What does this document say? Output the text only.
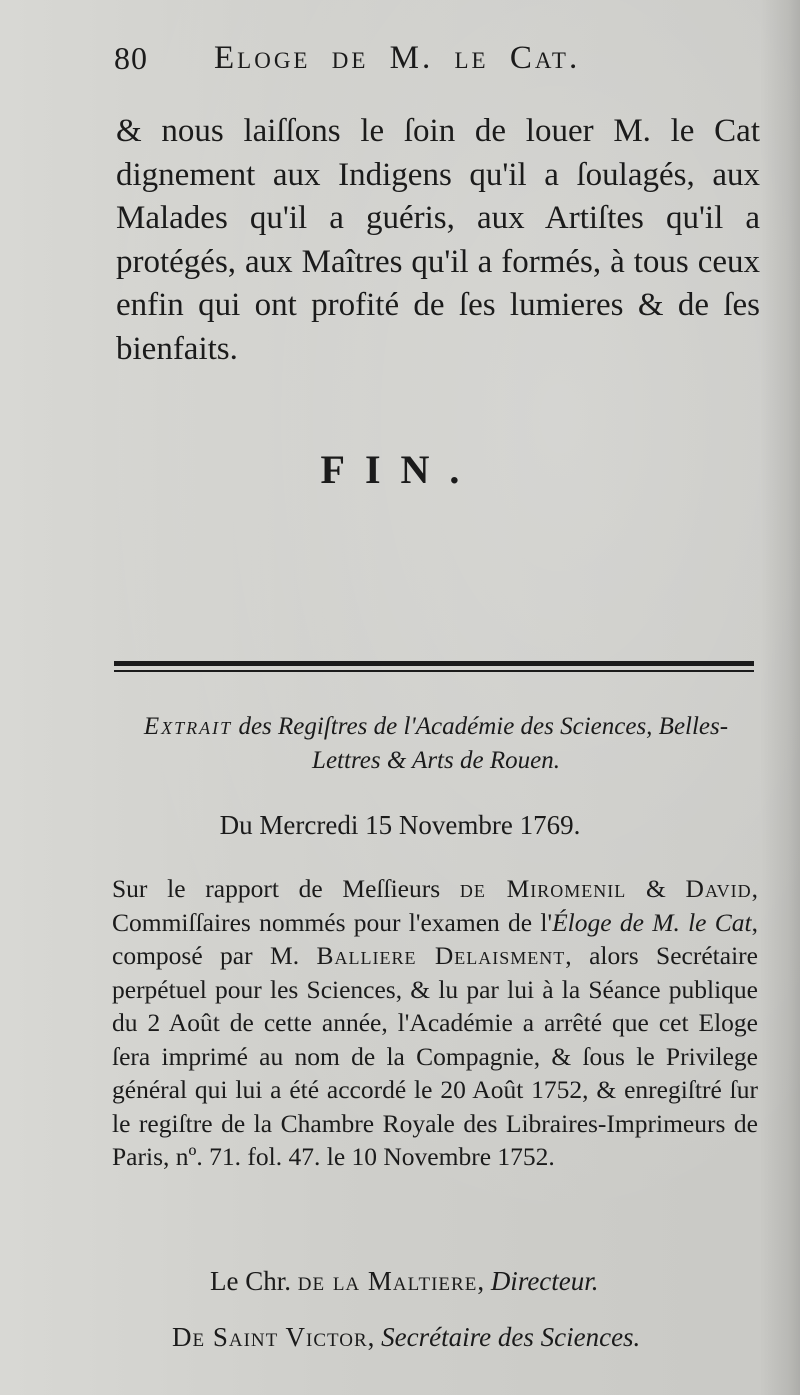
80 Eloge de M. le Cat.
& nous laiſſons le ſoin de louer M. le Cat dignement aux Indigens qu'il a ſoulagés, aux Malades qu'il a guéris, aux Artiſtes qu'il a protégés, aux Maîtres qu'il a formés, à tous ceux enfin qui ont profité de ſes lumieres & de ſes bienfaits.
FIN.
Extrait des Regiſtres de l'Académie des Sciences, Belles-Lettres & Arts de Rouen.
Du Mercredi 15 Novembre 1769.
Sur le rapport de Meſſieurs de Miromenil & David, Commiſſaires nommés pour l'examen de l'Éloge de M. le Cat, composé par M. Balliere Delaisment, alors Secrétaire perpétuel pour les Sciences, & lu par lui à la Séance publique du 2 Août de cette année, l'Académie a arrêté que cet Eloge ſera imprimé au nom de la Compagnie, & ſous le Privilege général qui lui a été accordé le 20 Août 1752, & enregiſtré ſur le regiſtre de la Chambre Royale des Libraires-Imprimeurs de Paris, nº. 71. fol. 47. le 10 Novembre 1752.
Le Chr. de la Maltiere, Directeur.
De Saint Victor, Secrétaire des Sciences.
